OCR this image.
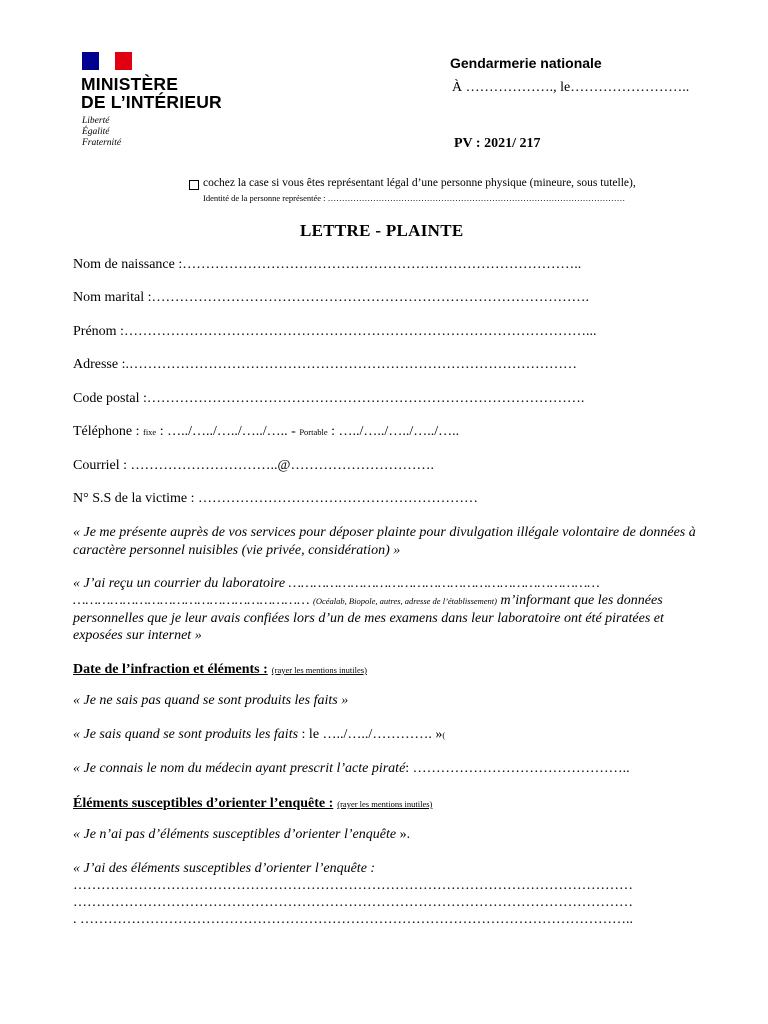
MINISTÈRE
DE L’INTÉRIEUR
Liberté
Égalité
Fraternité
Gendarmerie nationale
À ………………., le……………………..
PV : 2021/ 217
cochez la case si vous êtes représentant légal d’une personne physique (mineure, sous tutelle),
Identité de la personne représentée : ……………………………………………………………………………………………
LETTRE - PLAINTE
Nom de naissance :…………………………………………………………………………..
Nom marital :………………………………………………………………………………….
Prénom :………………………………………………………………………………………...
Adresse :.……………………………………………………………………………………
Code postal :………………………………………………………………………………….
Téléphone : fixe : …../…../…../…../….. - Portable : …../…../…../…../…..
Courriel : …………………………..@………………………….
N° S.S de la victime : ……………………………………………………
« Je me présente auprès de vos services pour déposer plainte pour divulgation illégale volontaire de données à caractère personnel nuisibles (vie privée, considération) »
« J’ai reçu un courrier du laboratoire …………………………………………………………………
………………………………………………… (Océalab, Biopole, autres, adresse de l’établissement) m’informant que les données personnelles que je leur avais confiées lors d’un de mes examens dans leur laboratoire ont été piratées et exposées sur internet »
Date de l’infraction et éléments : (rayer les mentions inutiles)
« Je ne sais pas quand se sont produits les faits »
« Je sais quand se sont produits les faits : le …../…../…………. »(
« Je connais le nom du médecin ayant prescrit l’acte piraté: ………………………………………..
Éléments susceptibles d’orienter l’enquête : (rayer les mentions inutiles)
« Je n’ai pas d’éléments susceptibles d’orienter l’enquête ».
« J’ai des éléments susceptibles d’orienter l’enquête :
…………………………………………………………………………………………………………
…………………………………………………………………………………………………………
. ………………………………………………………………………………………………………..
